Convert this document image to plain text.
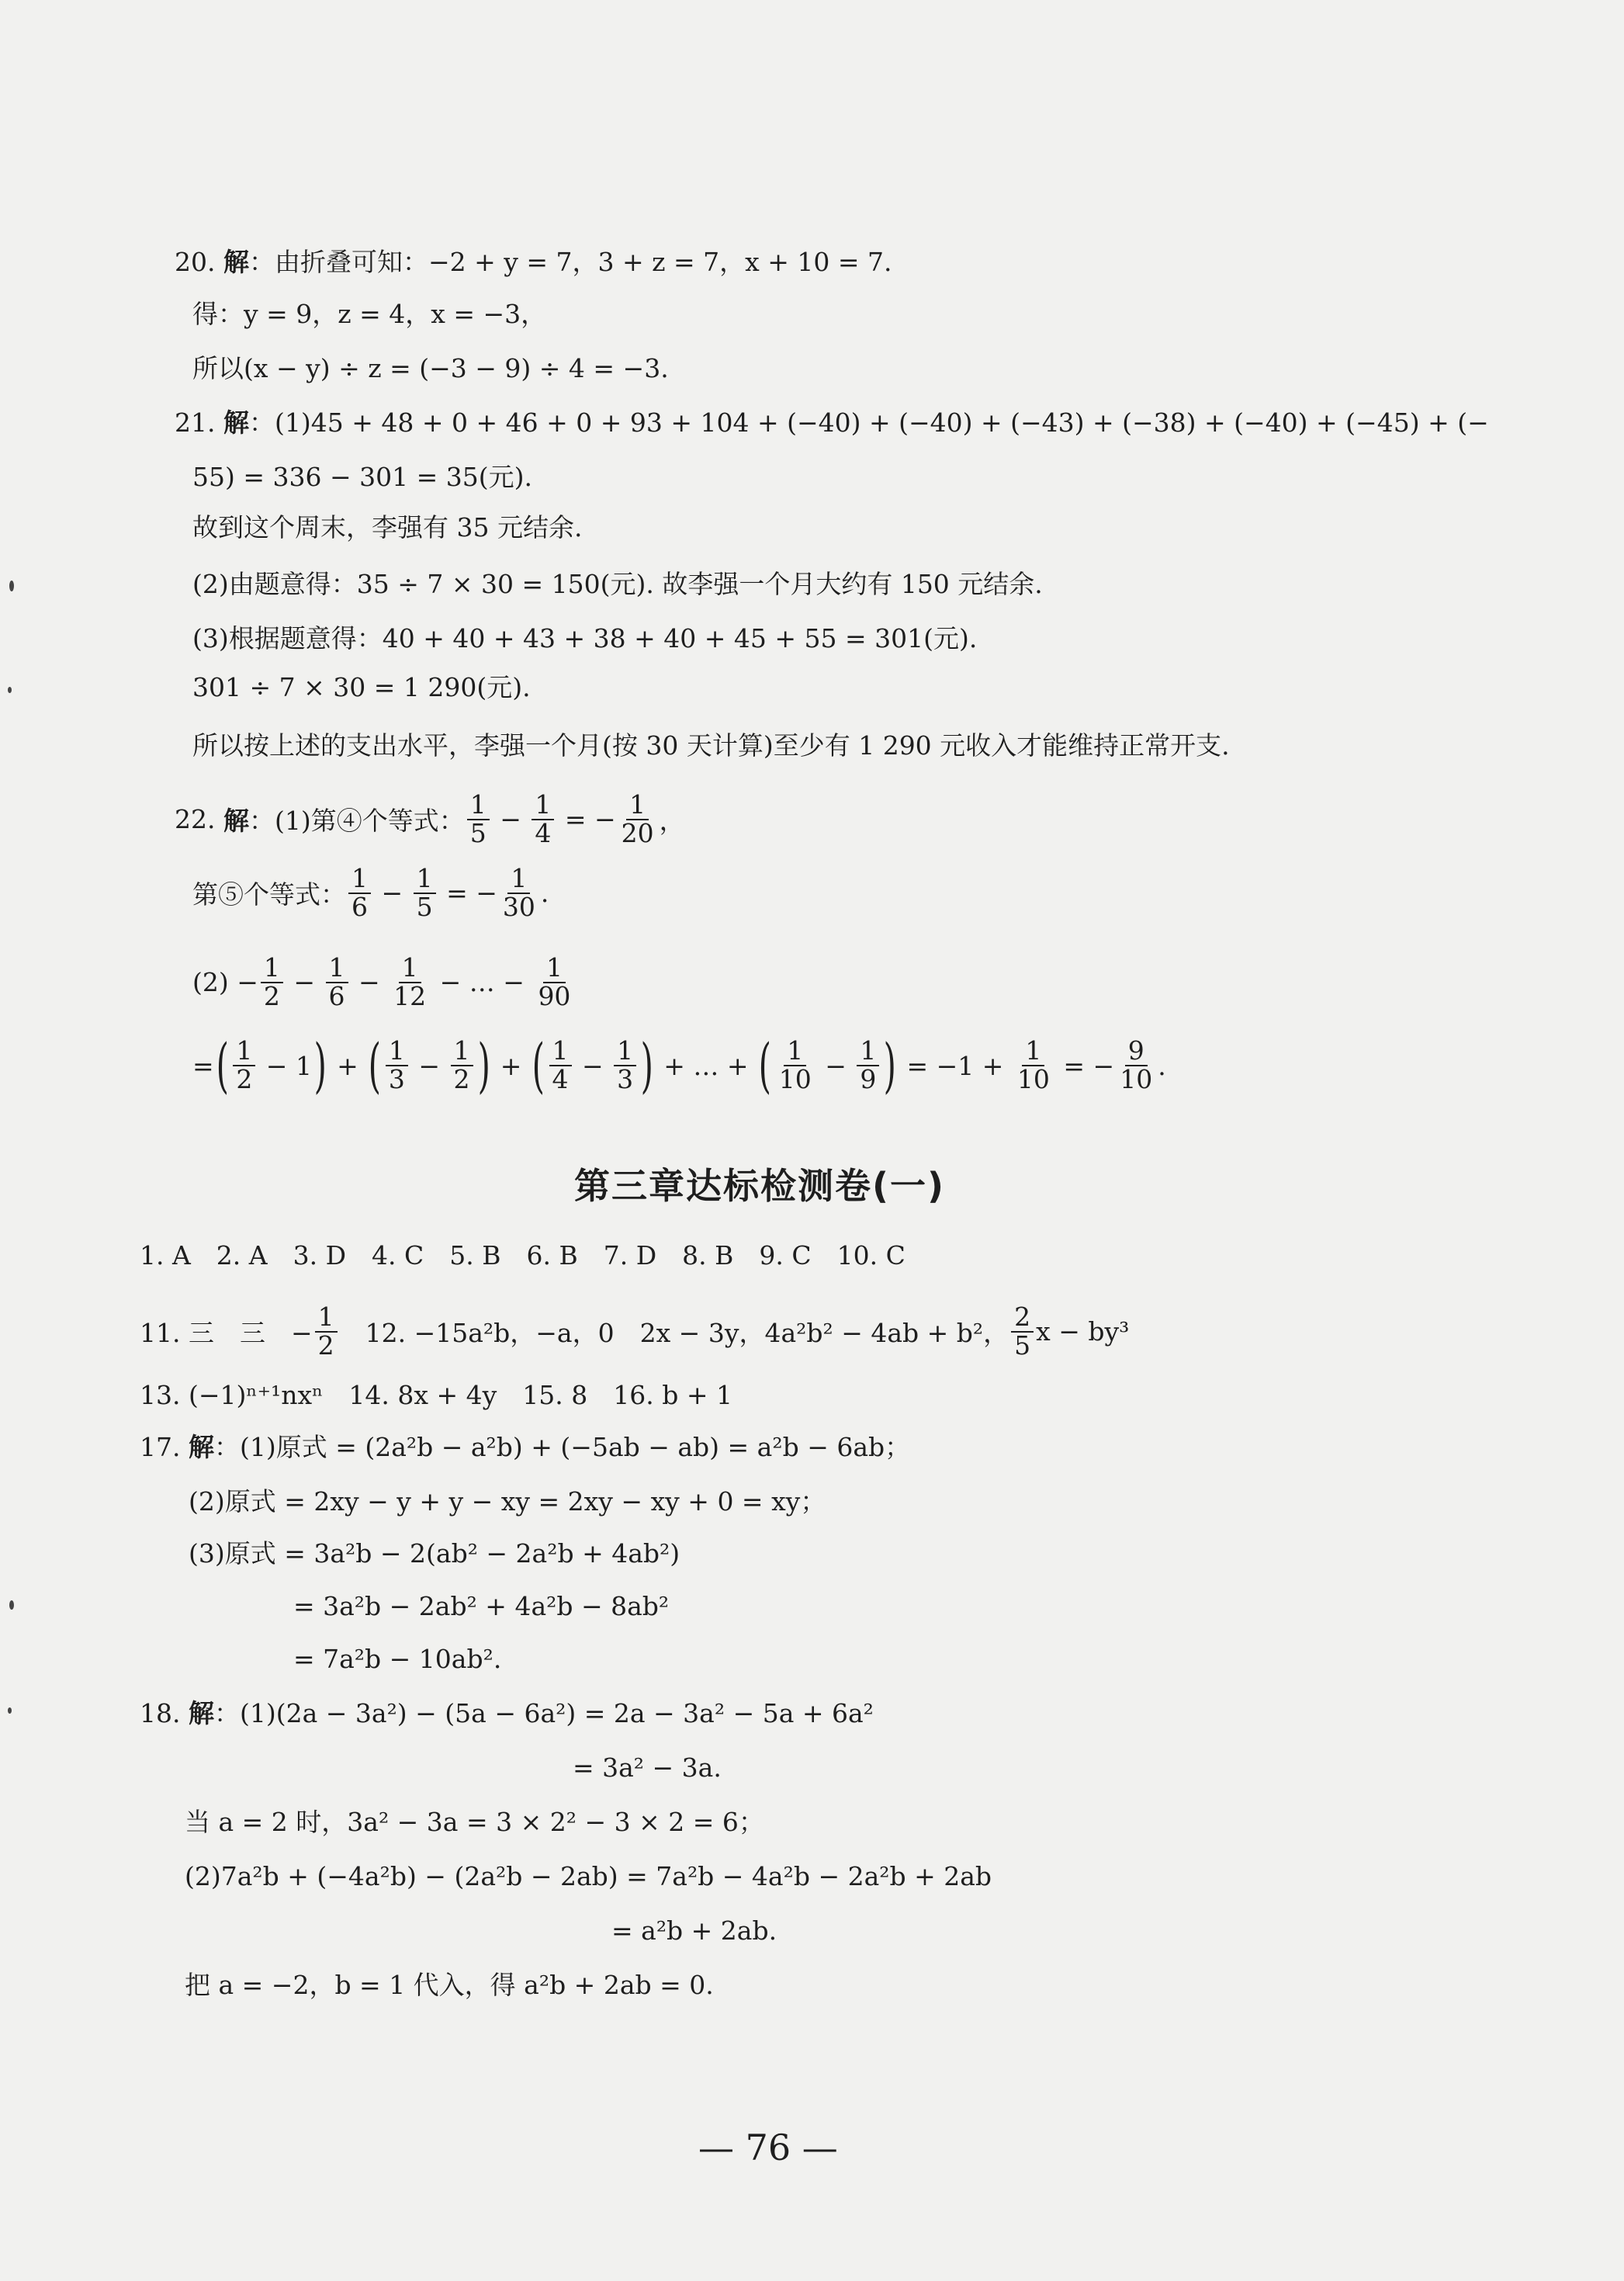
20. 解：由折叠可知：−2 + y = 7，3 + z = 7，x + 10 = 7.
得：y = 9，z = 4，x = −3，
所以(x − y) ÷ z = (−3 − 9) ÷ 4 = −3.
21. 解：(1)45 + 48 + 0 + 46 + 0 + 93 + 104 + (−40) + (−40) + (−43) + (−38) + (−40) + (−45) + (−
55) = 336 − 301 = 35(元).
故到这个周末，李强有 35 元结余.
(2)由题意得：35 ÷ 7 × 30 = 150(元). 故李强一个月大约有 150 元结余.
(3)根据题意得：40 + 40 + 43 + 38 + 40 + 45 + 55 = 301(元).
301 ÷ 7 × 30 = 1 290(元).
所以按上述的支出水平，李强一个月(按 30 天计算)至少有 1 290 元收入才能维持正常开支.
22.
解 ：(1)第④个等式： $\frac{1}{5} - \frac{1}{4}$ = − $\frac{1}{20}$ ，
第⑤个等式： $\frac{1}{6} - \frac{1}{5}$ = − $\frac{1}{30}$ .
$(2) - \frac{1}{2} - \frac{1}{6} - \frac{1}{12}$ − … − $\frac{1}{90}$
= ( $\frac{1}{2} - 1$ ) + ( $\frac{1}{3} - \frac{1}{2}$ ) + ( $\frac{1}{4} - \frac{1}{3}$ ) + … + ( $\frac{1}{10} - \frac{1}{9}$ ) = $-1 + \frac{1}{10}$ = − $\frac{9}{10}$ .
第三章达标检测卷(一)
1. A　2. A　3. D　4. C　5. B　6. B　7. D　8. B　9. C　10. C
11. 三　三　− $\frac{1}{2}$ 　12. −15a²b，−a，0　2x − 3y，4a²b² − 4ab + b²， $\frac{2}{5}$ x − by³
13. (−1)ⁿ⁺¹nxⁿ　14. 8x + 4y　15. 8　16. b + 1
17. 解：(1)原式 = (2a²b − a²b) + (−5ab − ab) = a²b − 6ab；
(2)原式 = 2xy − y + y − xy = 2xy − xy + 0 = xy；
(3)原式 = 3a²b − 2(ab² − 2a²b + 4ab²)
= 3a²b − 2ab² + 4a²b − 8ab²
= 7a²b − 10ab².
18. 解：(1)(2a − 3a²) − (5a − 6a²) = 2a − 3a² − 5a + 6a²
= 3a² − 3a.
当 a = 2 时，3a² − 3a = 3 × 2² − 3 × 2 = 6；
(2)7a²b + (−4a²b) − (2a²b − 2ab) = 7a²b − 4a²b − 2a²b + 2ab
= a²b + 2ab.
把 a = −2，b = 1 代入，得 a²b + 2ab = 0.
— 76 —
